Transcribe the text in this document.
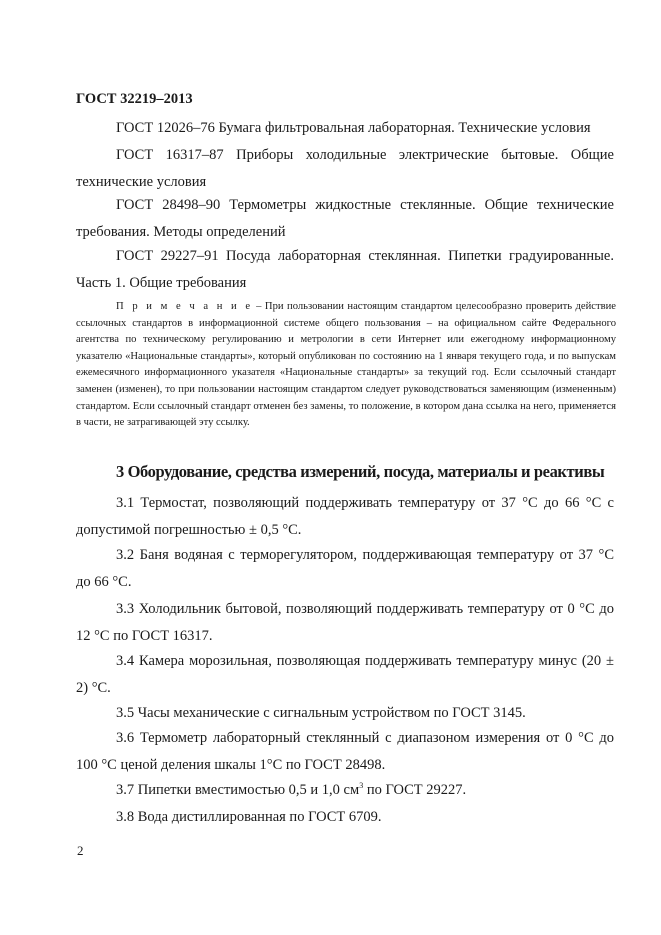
ГОСТ 32219–2013

ГОСТ 12026–76 Бумага фильтровальная лабораторная. Технические условия

ГОСТ 16317–87 Приборы холодильные электрические бытовые. Общие технические условия

ГОСТ 28498–90 Термометры жидкостные стеклянные. Общие технические требования. Методы определений

ГОСТ 29227–91 Посуда лабораторная стеклянная. Пипетки градуированные. Часть 1. Общие требования

П р и м е ч а н и е – При пользовании настоящим стандартом целесообразно проверить действие ссылочных стандартов в информационной системе общего пользования – на официальном сайте Федерального агентства по техническому регулированию и метрологии в сети Интернет или ежегодному информационному указателю «Национальные стандарты», который опубликован по состоянию на 1 января текущего года, и по выпускам ежемесячного информационного указателя «Национальные стандарты» за текущий год. Если ссылочный стандарт заменен (изменен), то при пользовании настоящим стандартом следует руководствоваться заменяющим (измененным) стандартом. Если ссылочный стандарт отменен без замены, то положение, в котором дана ссылка на него, применяется в части, не затрагивающей эту ссылку.

3 Оборудование, средства измерений, посуда, материалы и реактивы

3.1 Термостат, позволяющий поддерживать температуру от 37 °С до 66 °С с допустимой погрешностью ± 0,5 °С.

3.2 Баня водяная с терморегулятором, поддерживающая температуру от 37 °С до 66 °С.

3.3 Холодильник бытовой, позволяющий поддерживать температуру от 0 °С до 12 °С по ГОСТ 16317.

3.4 Камера морозильная, позволяющая поддерживать температуру минус (20 ± 2) °С.

3.5 Часы механические с сигнальным устройством по ГОСТ 3145.

3.6 Термометр лабораторный стеклянный с диапазоном измерения от 0 °С до 100 °С ценой деления шкалы 1°С по ГОСТ 28498.

3.7 Пипетки вместимостью 0,5 и 1,0 $см^3$ по ГОСТ 29227.

3.8 Вода дистиллированная по ГОСТ 6709.

2
